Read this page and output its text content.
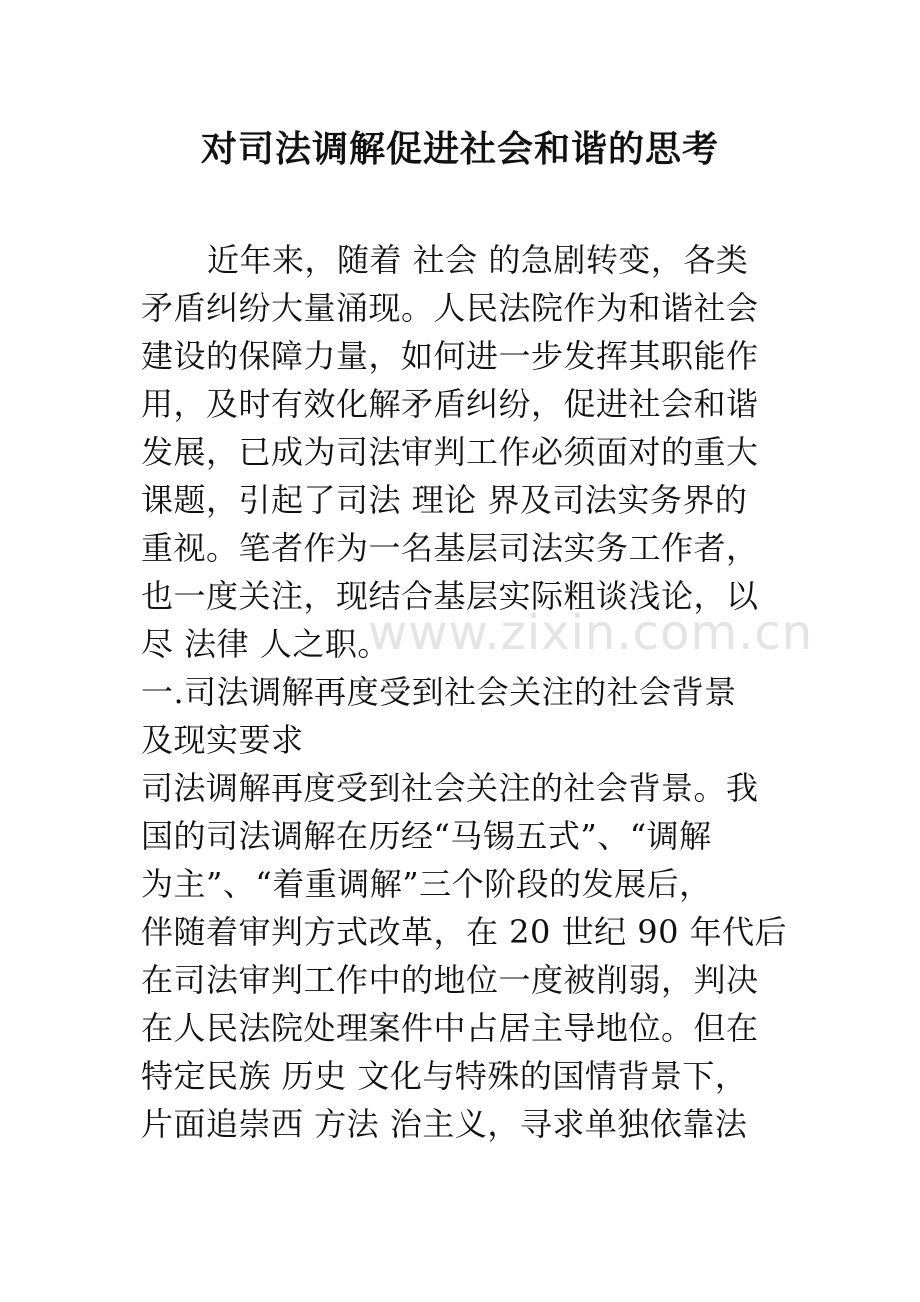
对司法调解促进社会和谐的思考
www.zixin.com.cn
近年来，随着 社会 的急剧转变，各类
矛盾纠纷大量涌现。人民法院作为和谐社会
建设的保障力量，如何进一步发挥其职能作
用，及时有效化解矛盾纠纷，促进社会和谐
发展，已成为司法审判工作必须面对的重大
课题，引起了司法 理论 界及司法实务界的
重视。笔者作为一名基层司法实务工作者，
也一度关注，现结合基层实际粗谈浅论，以
尽 法律 人之职。
一.司法调解再度受到社会关注的社会背景
及现实要求
司法调解再度受到社会关注的社会背景。我
国的司法调解在历经“马锡五式”、“调解
为主”、“着重调解”三个阶段的发展后，
伴随着审判方式改革，在 20 世纪 90 年代后
在司法审判工作中的地位一度被削弱，判决
在人民法院处理案件中占居主导地位。但在
特定民族 历史 文化与特殊的国情背景下，
片面追崇西 方法 治主义，寻求单独依靠法
